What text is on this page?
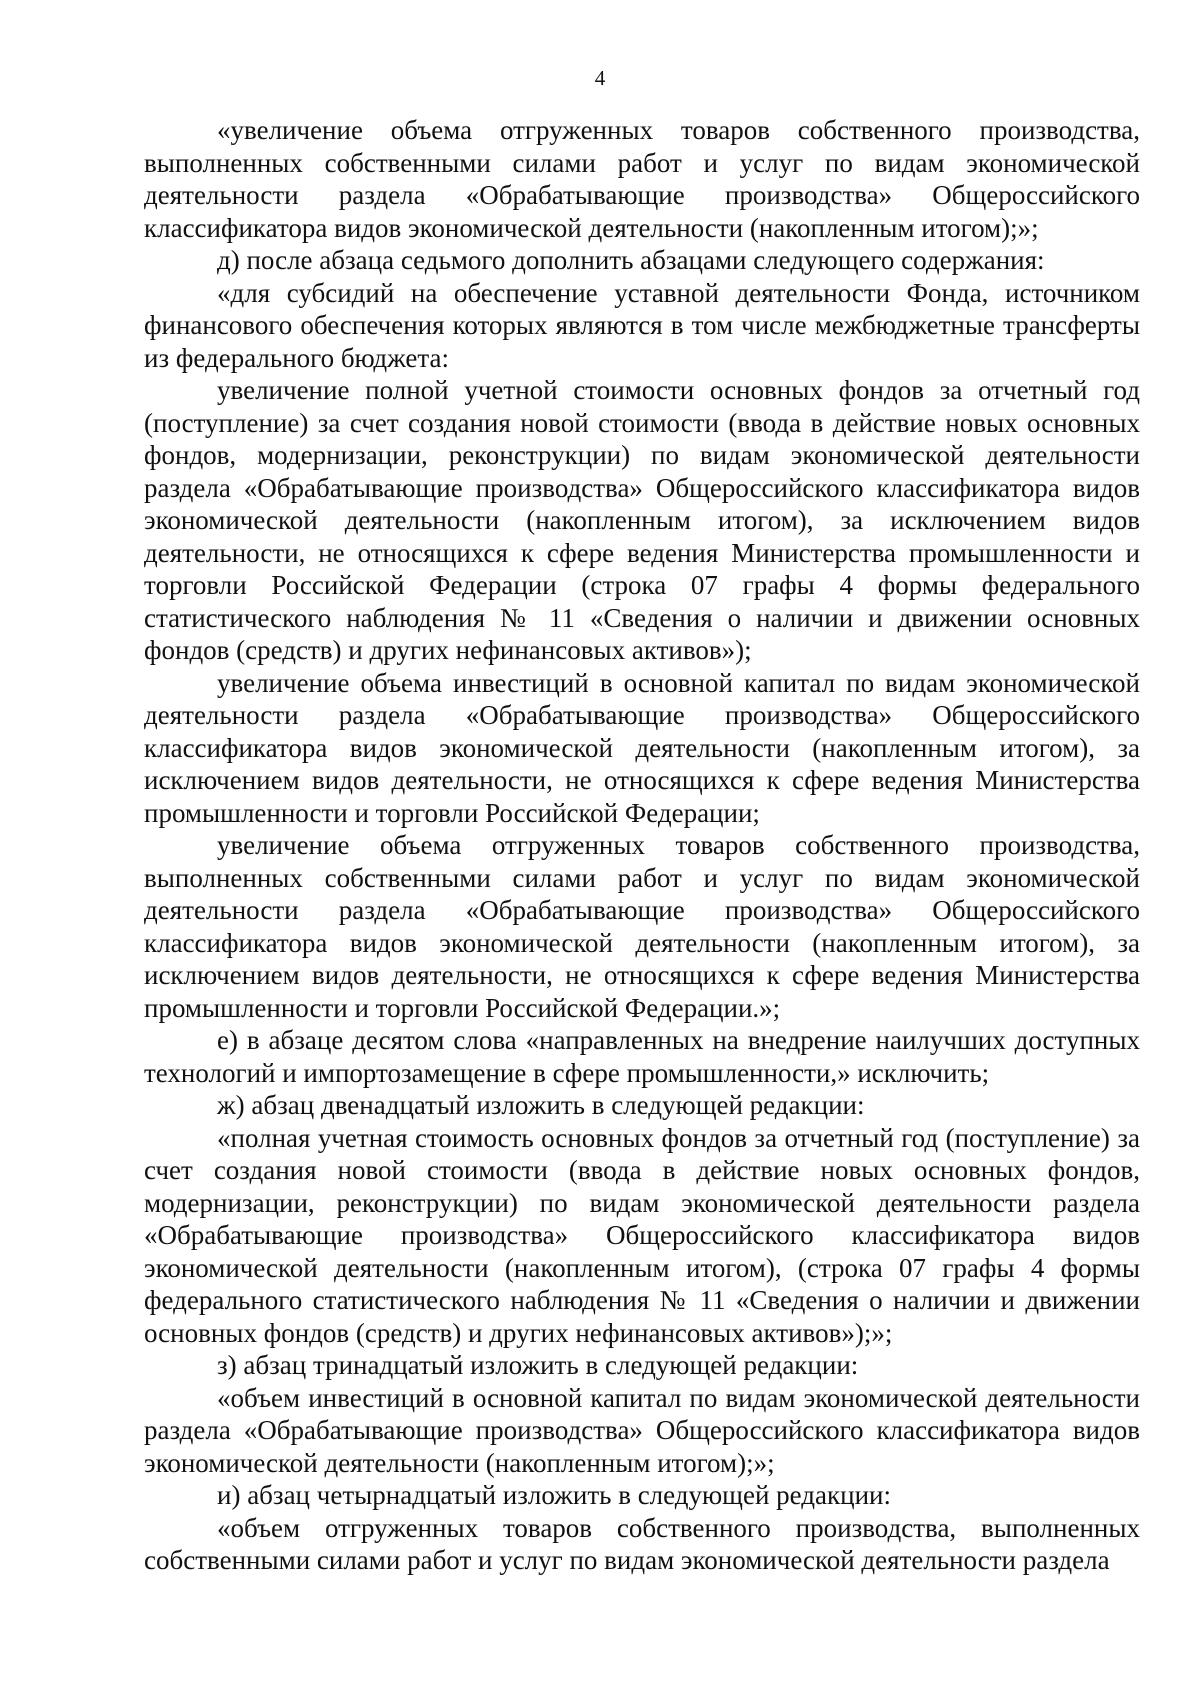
4

«увеличение объема отгруженных товаров собственного производства, выполненных собственными силами работ и услуг по видам экономической деятельности раздела «Обрабатывающие производства» Общероссийского классификатора видов экономической деятельности (накопленным итогом);»;

д) после абзаца седьмого дополнить абзацами следующего содержания:

«для субсидий на обеспечение уставной деятельности Фонда, источником финансового обеспечения которых являются в том числе межбюджетные трансферты из федерального бюджета:

увеличение полной учетной стоимости основных фондов за отчетный год (поступление) за счет создания новой стоимости (ввода в действие новых основных фондов, модернизации, реконструкции) по видам экономической деятельности раздела «Обрабатывающие производства» Общероссийского классификатора видов экономической деятельности (накопленным итогом), за исключением видов деятельности, не относящихся к сфере ведения Министерства промышленности и торговли Российской Федерации (строка 07 графы 4 формы федерального статистического наблюдения № 11 «Сведения о наличии и движении основных фондов (средств) и других нефинансовых активов»);

увеличение объема инвестиций в основной капитал по видам экономической деятельности раздела «Обрабатывающие производства» Общероссийского классификатора видов экономической деятельности (накопленным итогом), за исключением видов деятельности, не относящихся к сфере ведения Министерства промышленности и торговли Российской Федерации;

увеличение объема отгруженных товаров собственного производства, выполненных собственными силами работ и услуг по видам экономической деятельности раздела «Обрабатывающие производства» Общероссийского классификатора видов экономической деятельности (накопленным итогом), за исключением видов деятельности, не относящихся к сфере ведения Министерства промышленности и торговли Российской Федерации.»;

е) в абзаце десятом слова «направленных на внедрение наилучших доступных технологий и импортозамещение в сфере промышленности,» исключить;

ж) абзац двенадцатый изложить в следующей редакции:

«полная учетная стоимость основных фондов за отчетный год (поступление) за счет создания новой стоимости (ввода в действие новых основных фондов, модернизации, реконструкции) по видам экономической деятельности раздела «Обрабатывающие производства» Общероссийского классификатора видов экономической деятельности (накопленным итогом), (строка 07 графы 4 формы федерального статистического наблюдения № 11 «Сведения о наличии и движении основных фондов (средств) и других нефинансовых активов»);»;

з) абзац тринадцатый изложить в следующей редакции:

«объем инвестиций в основной капитал по видам экономической деятельности раздела «Обрабатывающие производства» Общероссийского классификатора видов экономической деятельности (накопленным итогом);»;

и) абзац четырнадцатый изложить в следующей редакции:

«объем отгруженных товаров собственного производства, выполненных собственными силами работ и услуг по видам экономической деятельности раздела
